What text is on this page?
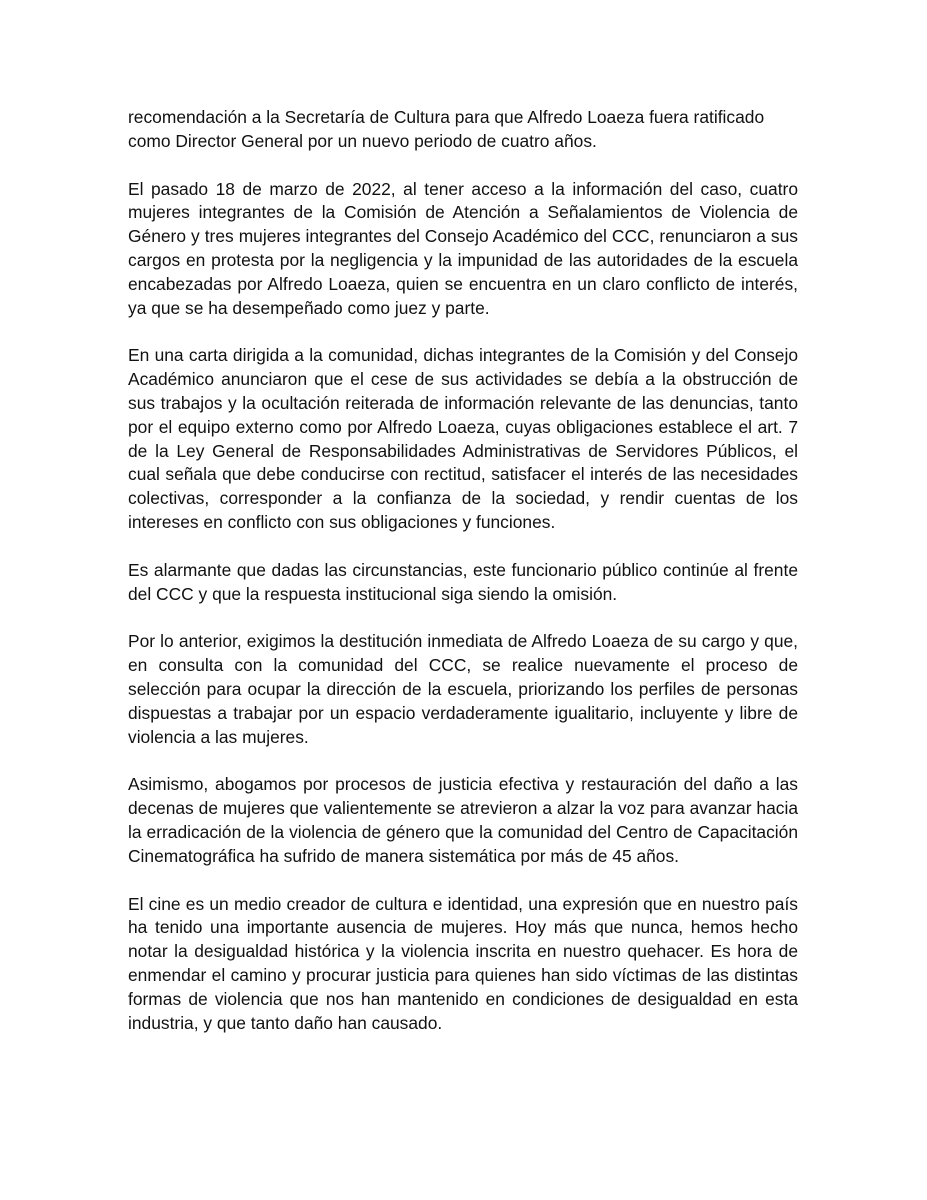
recomendación a la Secretaría de Cultura para que Alfredo Loaeza fuera ratificado como Director General por un nuevo periodo de cuatro años.

El pasado 18 de marzo de 2022, al tener acceso a la información del caso, cuatro mujeres integrantes de la Comisión de Atención a Señalamientos de Violencia de Género y tres mujeres integrantes del Consejo Académico del CCC, renunciaron a sus cargos en protesta por la negligencia y la impunidad de las autoridades de la escuela encabezadas por Alfredo Loaeza, quien se encuentra en un claro conflicto de interés, ya que se ha desempeñado como juez y parte.

En una carta dirigida a la comunidad, dichas integrantes de la Comisión y del Consejo Académico anunciaron que el cese de sus actividades se debía a la obstrucción de sus trabajos y la ocultación reiterada de información relevante de las denuncias, tanto por el equipo externo como por Alfredo Loaeza, cuyas obligaciones establece el art. 7 de la Ley General de Responsabilidades Administrativas de Servidores Públicos, el cual señala que debe conducirse con rectitud, satisfacer el interés de las necesidades colectivas, corresponder a la confianza de la sociedad, y rendir cuentas de los intereses en conflicto con sus obligaciones y funciones.

Es alarmante que dadas las circunstancias, este funcionario público continúe al frente del CCC y que la respuesta institucional siga siendo la omisión.

Por lo anterior, exigimos la destitución inmediata de Alfredo Loaeza de su cargo y que, en consulta con la comunidad del CCC, se realice nuevamente el proceso de selección para ocupar la dirección de la escuela, priorizando los perfiles de personas dispuestas a trabajar por un espacio verdaderamente igualitario, incluyente y libre de violencia a las mujeres.

Asimismo, abogamos por procesos de justicia efectiva y restauración del daño a las decenas de mujeres que valientemente se atrevieron a alzar la voz para avanzar hacia la erradicación de la violencia de género que la comunidad del Centro de Capacitación Cinematográfica ha sufrido de manera sistemática por más de 45 años.

El cine es un medio creador de cultura e identidad, una expresión que en nuestro país ha tenido una importante ausencia de mujeres. Hoy más que nunca, hemos hecho notar la desigualdad histórica y la violencia inscrita en nuestro quehacer. Es hora de enmendar el camino y procurar justicia para quienes han sido víctimas de las distintas formas de violencia que nos han mantenido en condiciones de desigualdad en esta industria, y que tanto daño han causado.
